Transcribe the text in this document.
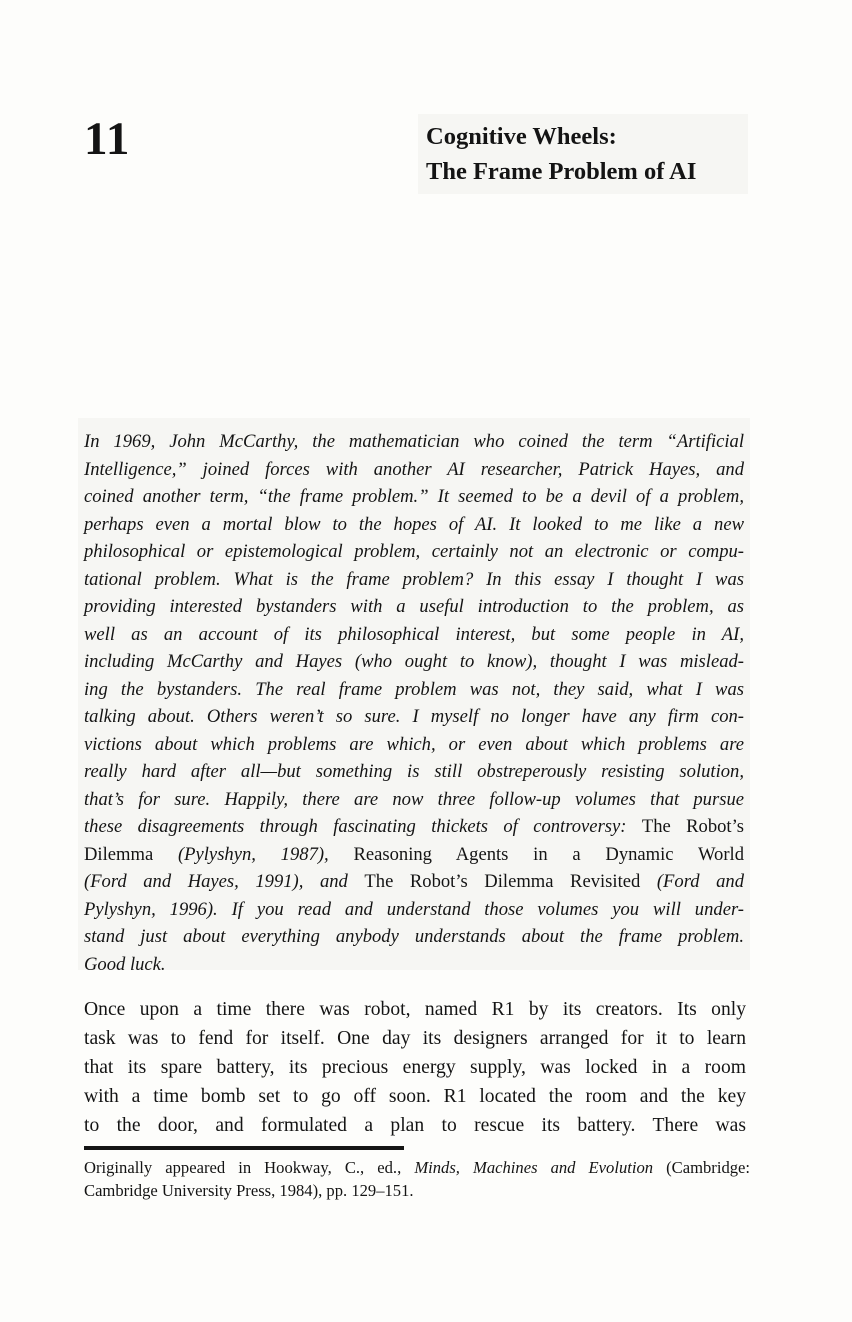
11	Cognitive Wheels:
The Frame Problem of AI
In 1969, John McCarthy, the mathematician who coined the term “Artificial
Intelligence,” joined forces with another AI researcher, Patrick Hayes, and
coined another term, “the frame problem.” It seemed to be a devil of a problem,
perhaps even a mortal blow to the hopes of AI. It looked to me like a new
philosophical or epistemological problem, certainly not an electronic or compu-
tational problem. What is the frame problem? In this essay I thought I was
providing interested bystanders with a useful introduction to the problem, as
well as an account of its philosophical interest, but some people in AI,
including McCarthy and Hayes (who ought to know), thought I was mislead-
ing the bystanders. The real frame problem was not, they said, what I was
talking about. Others weren’t so sure. I myself no longer have any firm con-
victions about which problems are which, or even about which problems are
really hard after all—but something is still obstreperously resisting solution,
that’s for sure. Happily, there are now three follow-up volumes that pursue
these disagreements through fascinating thickets of controversy: The Robot’s
Dilemma (Pylyshyn, 1987), Reasoning Agents in a Dynamic World
(Ford and Hayes, 1991), and The Robot’s Dilemma Revisited (Ford and
Pylyshyn, 1996). If you read and understand those volumes you will under-
stand just about everything anybody understands about the frame problem.
Good luck.
Once upon a time there was robot, named R1 by its creators. Its only
task was to fend for itself. One day its designers arranged for it to learn
that its spare battery, its precious energy supply, was locked in a room
with a time bomb set to go off soon. R1 located the room and the key
to the door, and formulated a plan to rescue its battery. There was
Originally appeared in Hookway, C., ed., Minds, Machines and Evolution (Cambridge:
Cambridge University Press, 1984), pp. 129–151.
